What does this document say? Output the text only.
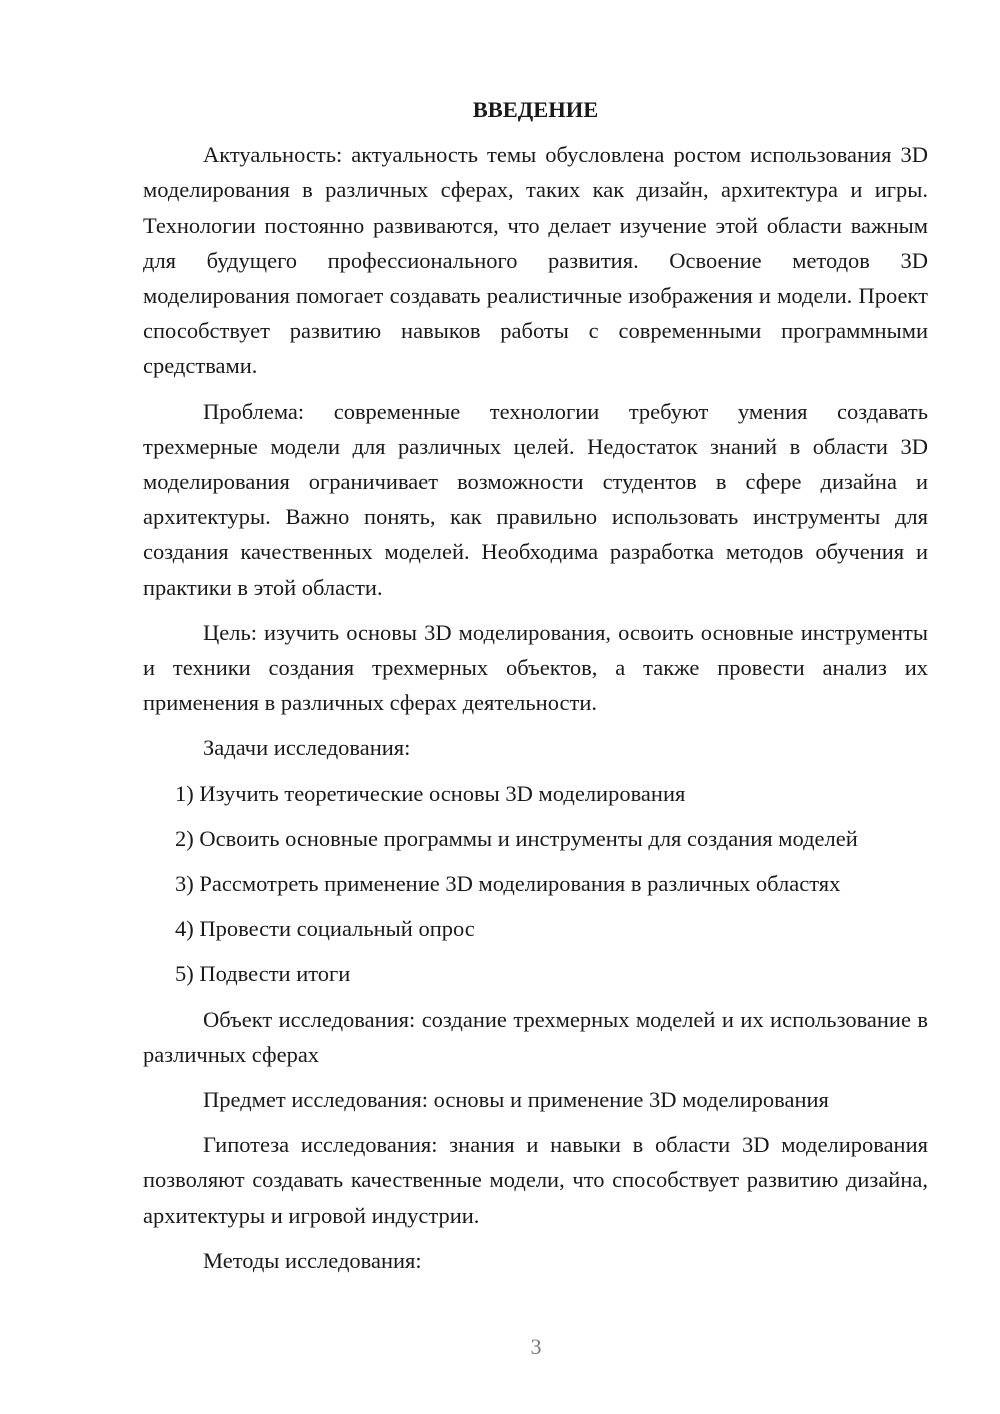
ВВЕДЕНИЕ

Актуальность: актуальность темы обусловлена ростом использования 3D моделирования в различных сферах, таких как дизайн, архитектура и игры. Технологии постоянно развиваются, что делает изучение этой области важным для будущего профессионального развития. Освоение методов 3D моделирования помогает создавать реалистичные изображения и модели. Проект способствует развитию навыков работы с современными программными средствами.

Проблема: современные технологии требуют умения создавать трехмерные модели для различных целей. Недостаток знаний в области 3D моделирования ограничивает возможности студентов в сфере дизайна и архитектуры. Важно понять, как правильно использовать инструменты для создания качественных моделей. Необходима разработка методов обучения и практики в этой области.

Цель: изучить основы 3D моделирования, освоить основные инструменты и техники создания трехмерных объектов, а также провести анализ их применения в различных сферах деятельности.

Задачи исследования:

1) Изучить теоретические основы 3D моделирования
2) Освоить основные программы и инструменты для создания моделей
3) Рассмотреть применение 3D моделирования в различных областях
4) Провести социальный опрос
5) Подвести итоги

Объект исследования: создание трехмерных моделей и их использование в различных сферах

Предмет исследования: основы и применение 3D моделирования

Гипотеза исследования: знания и навыки в области 3D моделирования позволяют создавать качественные модели, что способствует развитию дизайна, архитектуры и игровой индустрии.

Методы исследования:

3
